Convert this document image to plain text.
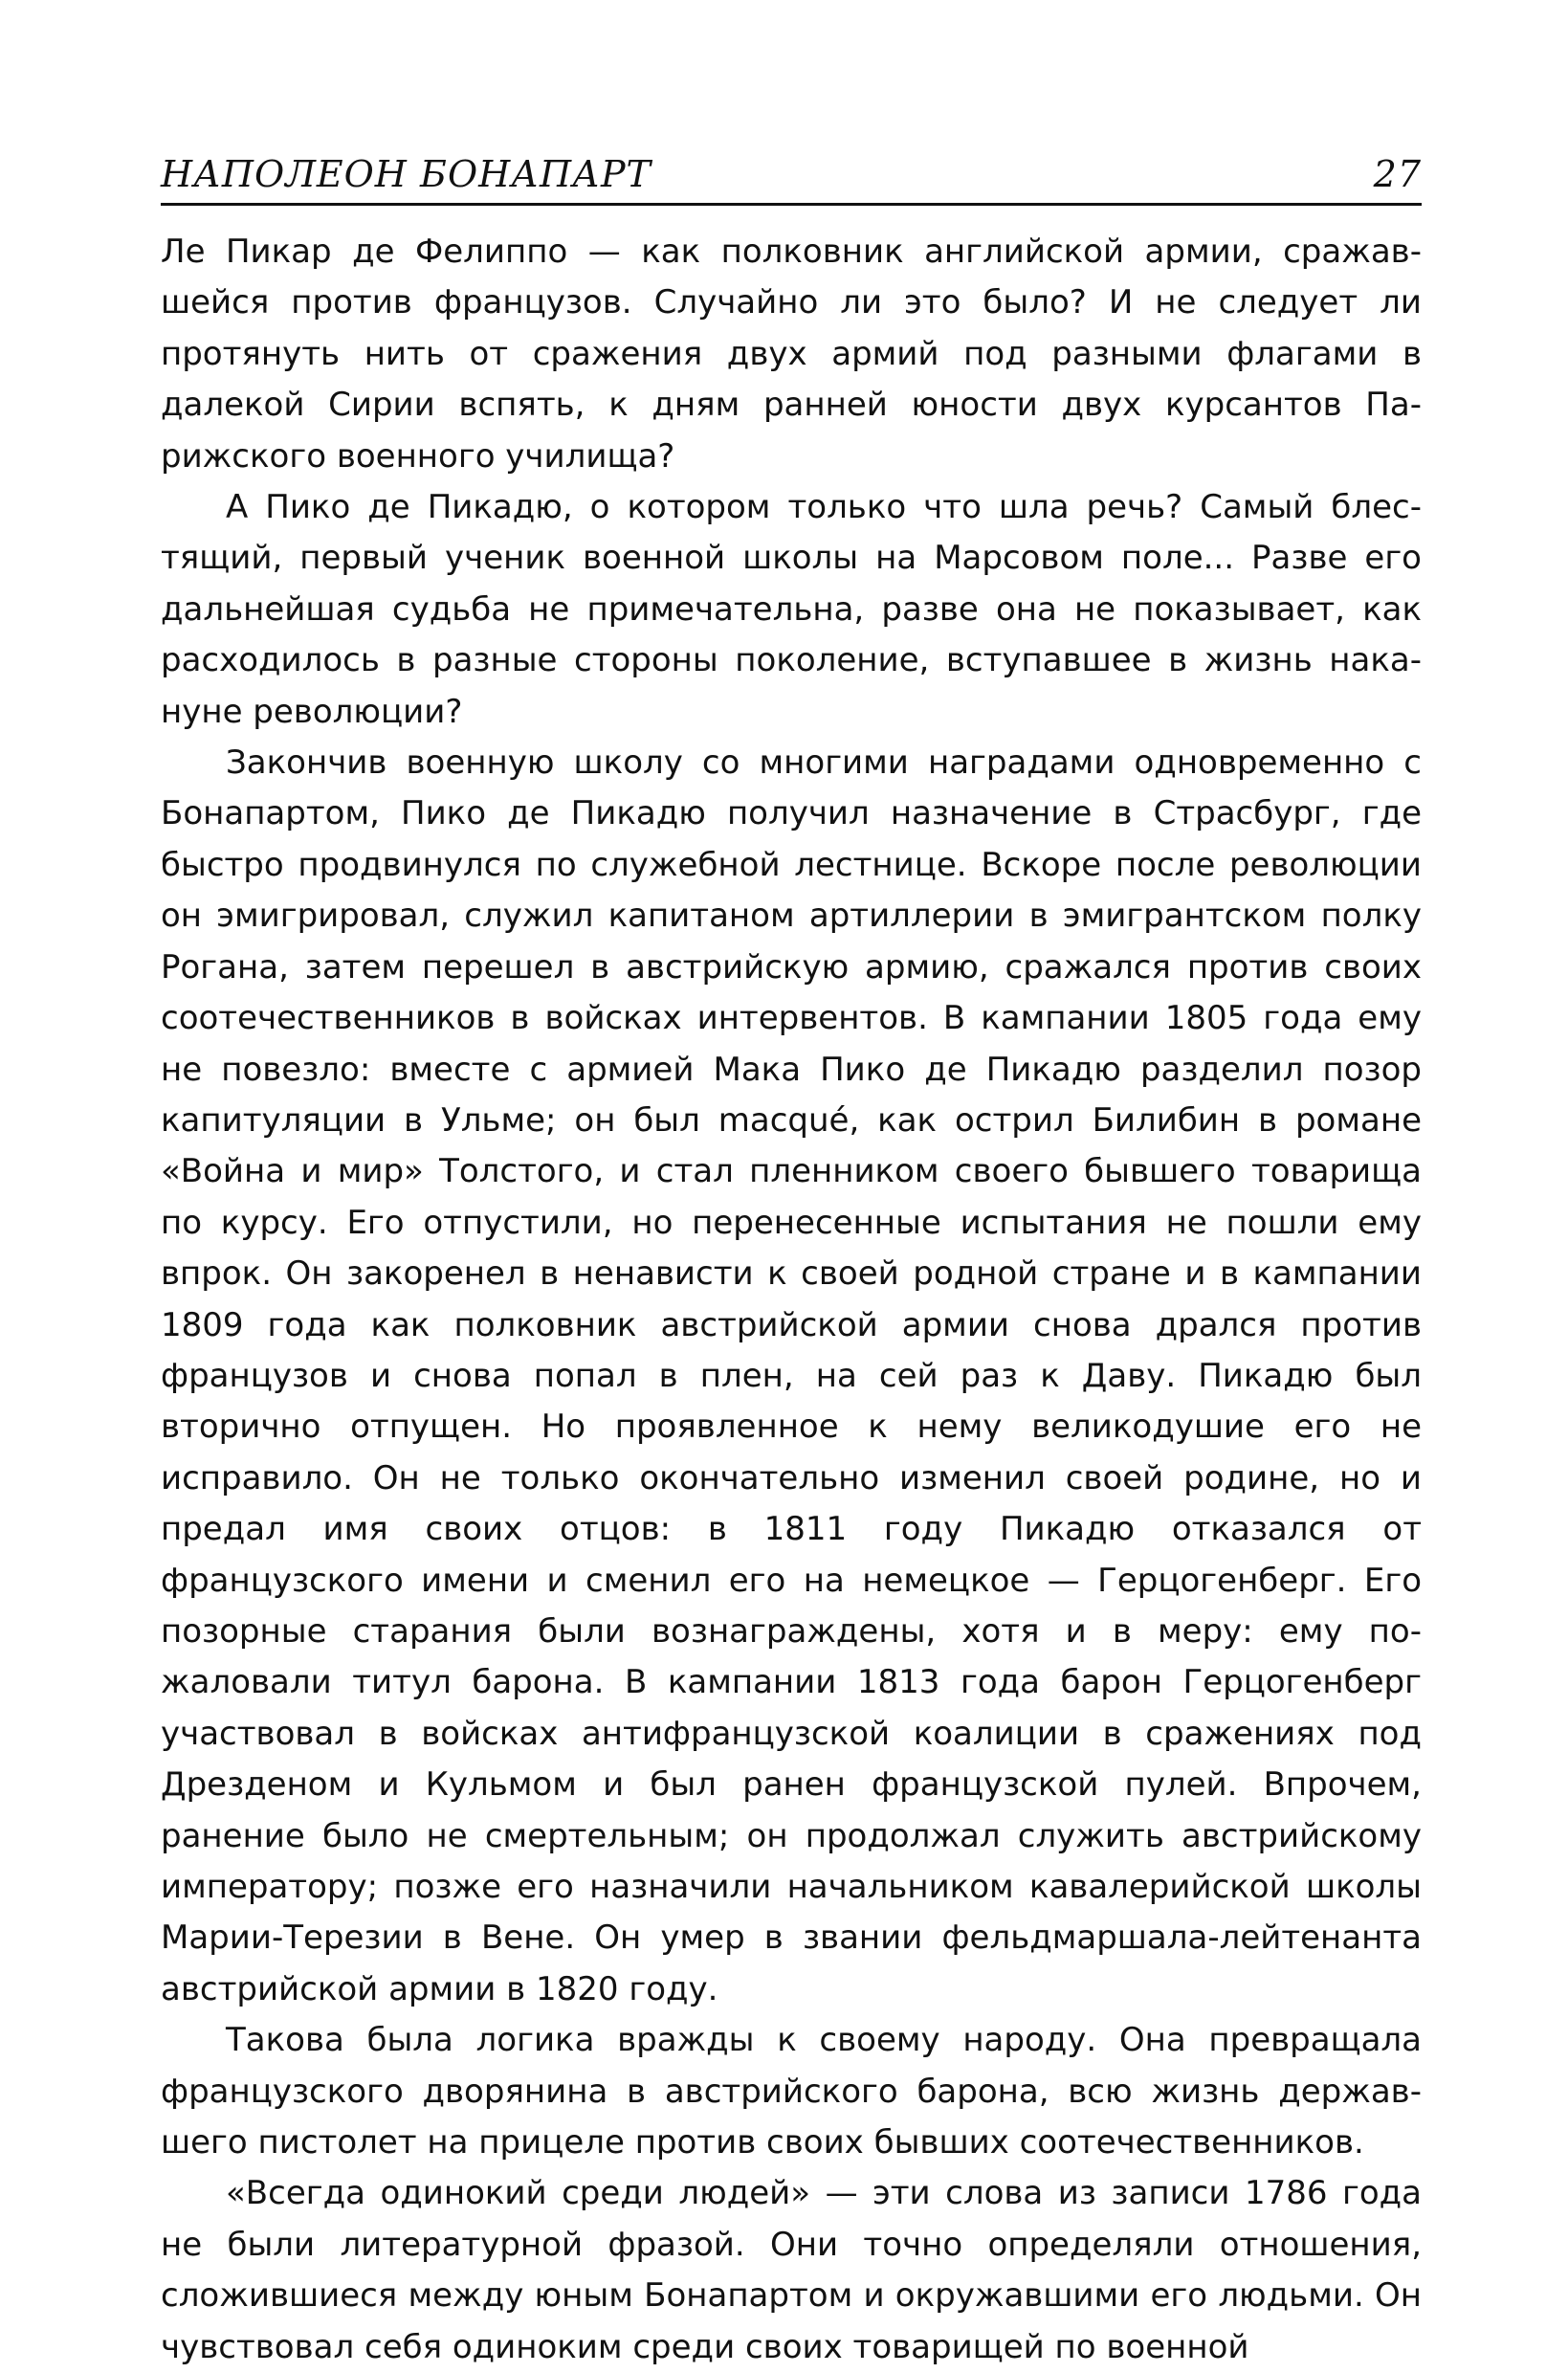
НАПОЛЕОН БОНАПАРТ	27

Ле Пикар де Фелиппо — как полковник английской армии, сражавшейся против французов. Случайно ли это было? И не следует ли протянуть нить от сражения двух армий под разными флагами в далекой Сирии вспять, к дням ранней юности двух курсантов Парижского военного училища?

А Пико де Пикадю, о котором только что шла речь? Самый блестящий, первый ученик военной школы на Марсовом поле... Разве его дальнейшая судьба не примечательна, разве она не показывает, как расходилось в разные стороны поколение, вступавшее в жизнь накануне революции?

Закончив военную школу со многими наградами одновременно с Бонапартом, Пико де Пикадю получил назначение в Страсбург, где быстро продвинулся по служебной лестнице. Вскоре после революции он эмигрировал, служил капитаном артиллерии в эмигрантском полку Рогана, затем перешел в австрийскую армию, сражался против своих соотечественников в войсках интервентов. В кампании 1805 года ему не повезло: вместе с армией Мака Пико де Пикадю разделил позор капитуляции в Ульме; он был macqué, как острил Билибин в романе «Война и мир» Толстого, и стал пленником своего бывшего товарища по курсу. Его отпустили, но перенесенные испытания не пошли ему впрок. Он закоренел в ненависти к своей родной стране и в кампании 1809 года как полковник австрийской армии снова дрался против французов и снова попал в плен, на сей раз к Даву. Пикадю был вторично отпущен. Но проявленное к нему великодушие его не исправило. Он не только окончательно изменил своей родине, но и предал имя своих отцов: в 1811 году Пикадю отказался от французского имени и сменил его на немецкое — Герцогенберг. Его позорные старания были вознаграждены, хотя и в меру: ему пожаловали титул барона. В кампании 1813 года барон Герцогенберг участвовал в войсках антифранцузской коалиции в сражениях под Дрезденом и Кульмом и был ранен французской пулей. Впрочем, ранение было не смертельным; он продолжал служить австрийскому императору; позже его назначили начальником кавалерийской школы Марии-Терезии в Вене. Он умер в звании фельдмаршала-лейтенанта австрийской армии в 1820 году.

Такова была логика вражды к своему народу. Она превращала французского дворянина в австрийского барона, всю жизнь державшего пистолет на прицеле против своих бывших соотечественников.

«Всегда одинокий среди людей» — эти слова из записи 1786 года не были литературной фразой. Они точно определяли отношения, сложившиеся между юным Бонапартом и окружавшими его людьми. Он чувствовал себя одиноким среди своих товарищей по военной
